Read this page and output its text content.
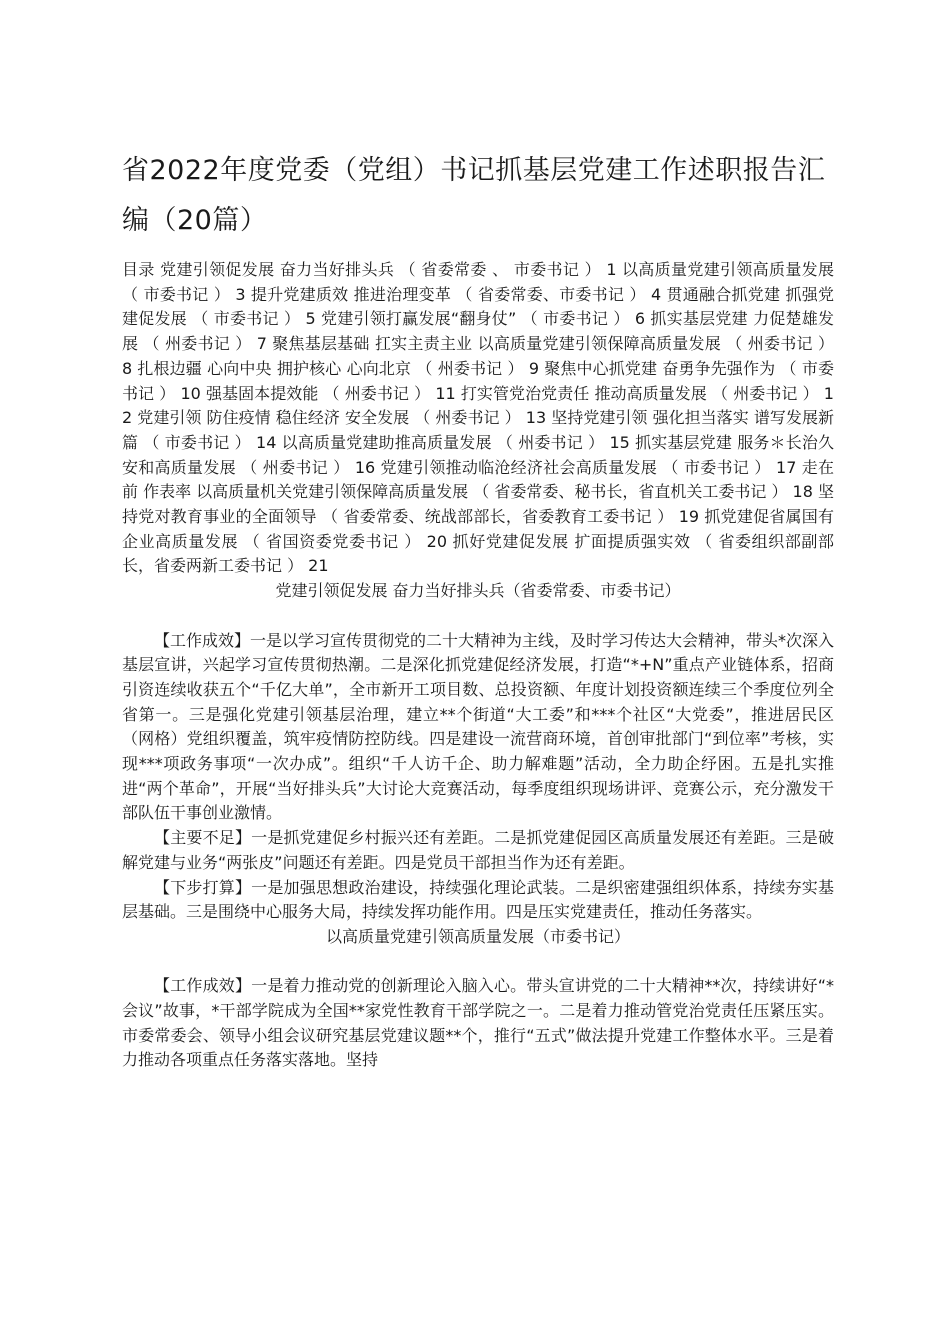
省2022年度党委（党组）书记抓基层党建工作述职报告汇编（20篇）

目录 党建引领促发展 奋力当好排头兵 （ 省委常委 、 市委书记 ） 1 以高质量党建引领高质量发展 （ 市委书记 ） 3 提升党建质效 推进治理变革 （ 省委常委、市委书记 ） 4 贯通融合抓党建 抓强党建促发展 （ 市委书记 ） 5 党建引领打赢发展“翻身仗” （ 市委书记 ） 6 抓实基层党建 力促楚雄发展 （ 州委书记 ） 7 聚焦基层基础 扛实主责主业 以高质量党建引领保障高质量发展 （ 州委书记 ） 8 扎根边疆 心向中央 拥护核心 心向北京 （ 州委书记 ） 9 聚焦中心抓党建 奋勇争先强作为 （ 市委书记 ） 10 强基固本提效能 （ 州委书记 ） 11 打实管党治党责任 推动高质量发展 （ 州委书记 ） 12 党建引领 防住疫情 稳住经济 安全发展 （ 州委书记 ） 13 坚持党建引领 强化担当落实 谱写发展新篇 （ 市委书记 ） 14 以高质量党建助推高质量发展 （ 州委书记 ） 15 抓实基层党建 服务＊长治久安和高质量发展 （ 州委书记 ） 16 党建引领推动临沧经济社会高质量发展 （ 市委书记 ） 17 走在前 作表率 以高质量机关党建引领保障高质量发展 （ 省委常委、秘书长，省直机关工委书记 ） 18 坚持党对教育事业的全面领导 （ 省委常委、统战部部长，省委教育工委书记 ） 19 抓党建促省属国有企业高质量发展 （ 省国资委党委书记 ） 20 抓好党建促发展 扩面提质强实效 （ 省委组织部副部长，省委两新工委书记 ） 21

党建引领促发展 奋力当好排头兵（省委常委、市委书记）

【工作成效】一是以学习宣传贯彻党的二十大精神为主线，及时学习传达大会精神，带头*次深入基层宣讲，兴起学习宣传贯彻热潮。二是深化抓党建促经济发展，打造“*+N”重点产业链体系，招商引资连续收获五个“千亿大单”，全市新开工项目数、总投资额、年度计划投资额连续三个季度位列全省第一。三是强化党建引领基层治理，建立**个街道“大工委”和***个社区“大党委”，推进居民区（网格）党组织覆盖，筑牢疫情防控防线。四是建设一流营商环境，首创审批部门“到位率”考核，实现***项政务事项“一次办成”。组织“千人访千企、助力解难题”活动，全力助企纾困。五是扎实推进“两个革命”，开展“当好排头兵”大讨论大竞赛活动，每季度组织现场讲评、竞赛公示，充分激发干部队伍干事创业激情。

【主要不足】一是抓党建促乡村振兴还有差距。二是抓党建促园区高质量发展还有差距。三是破解党建与业务“两张皮”问题还有差距。四是党员干部担当作为还有差距。

【下步打算】一是加强思想政治建设，持续强化理论武装。二是织密建强组织体系，持续夯实基层基础。三是围绕中心服务大局，持续发挥功能作用。四是压实党建责任，推动任务落实。

以高质量党建引领高质量发展（市委书记）

【工作成效】一是着力推动党的创新理论入脑入心。带头宣讲党的二十大精神**次，持续讲好“*会议”故事，*干部学院成为全国**家党性教育干部学院之一。二是着力推动管党治党责任压紧压实。市委常委会、领导小组会议研究基层党建议题**个，推行“五式”做法提升党建工作整体水平。三是着力推动各项重点任务落实落地。坚持
